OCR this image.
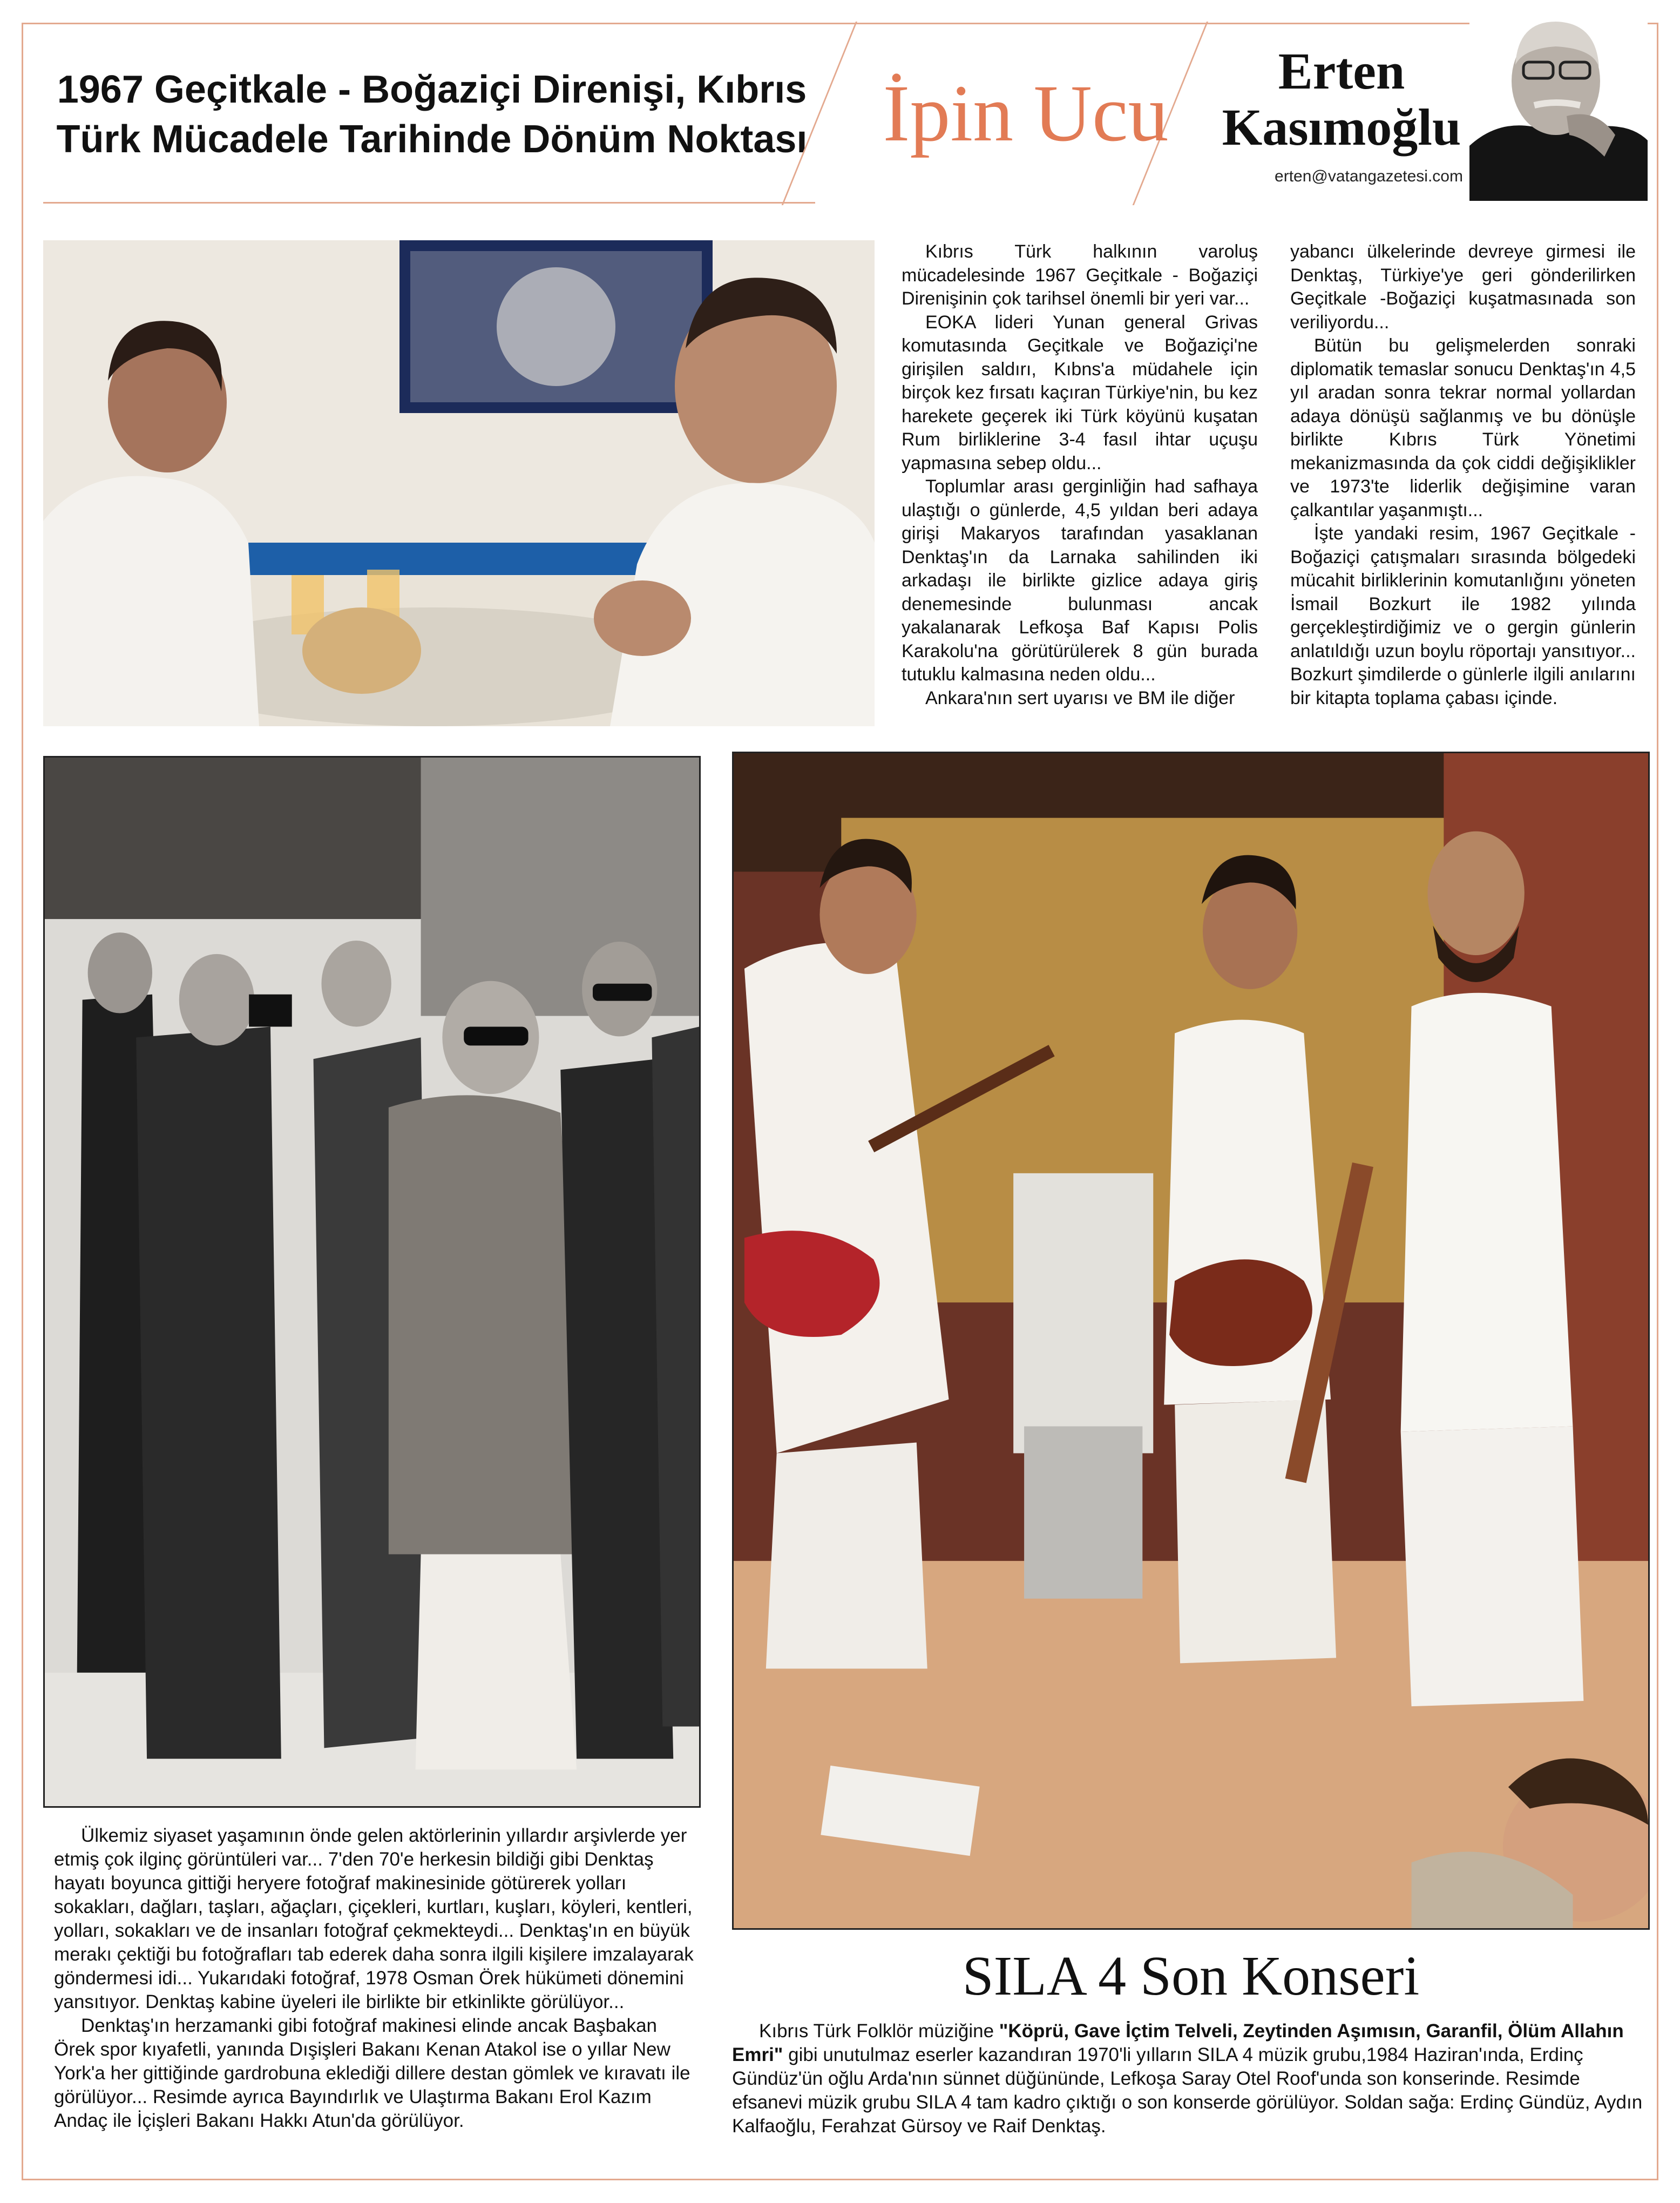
1967 Geçitkale - Boğaziçi Direnişi, Kıbrıs
Türk Mücadele Tarihinde Dönüm Noktası İpin Ucu	Erten
Kasımoğlu
erten@vatangazetesi.com

Kıbrıs Türk halkının varoluş mücadelesinde 1967 Geçitkale - Boğaziçi Direnişinin çok tarihsel önemli bir yeri var...

EOKA lideri Yunan general Grivas komutasında Geçitkale ve Boğaziçi'ne girişilen saldırı, Kıbns'a müdahele için birçok kez fırsatı kaçıran Türkiye'nin, bu kez harekete geçerek iki Türk köyünü kuşatan Rum birliklerine 3-4 fasıl ihtar uçuşu yapmasına sebep oldu...

Toplumlar arası gerginliğin had safhaya ulaştığı o günlerde, 4,5 yıldan beri adaya girişi Makaryos tarafından yasaklanan Denktaş'ın da Larnaka sahilinden iki arkadaşı ile birlikte gizlice adaya giriş denemesinde bulunması ancak yakalanarak Lefkoşa Baf Kapısı Polis Karakolu'na görütürülerek 8 gün burada tutuklu kalmasına neden oldu...

Ankara'nın sert uyarısı ve BM ile diğer

yabancı ülkelerinde devreye girmesi ile Denktaş, Türkiye'ye geri gönderilirken Geçitkale -Boğaziçi kuşatmasınada son veriliyordu...

Bütün bu gelişmelerden sonraki diplomatik temaslar sonucu Denktaş'ın 4,5 yıl aradan sonra tekrar normal yollardan adaya dönüşü sağlanmış ve bu dönüşle birlikte Kıbrıs Türk Yönetimi mekanizmasında da çok ciddi değişiklikler ve 1973'te liderlik değişimine varan çalkantılar yaşanmıştı...

İşte yandaki resim, 1967 Geçitkale - Boğaziçi çatışmaları sırasında bölgedeki mücahit birliklerinin komutanlığını yöneten İsmail Bozkurt ile 1982 yılında gerçekleştirdiğimiz ve o gergin günlerin anlatıldığı uzun boylu röportajı yansıtıyor... Bozkurt şimdilerde o günlerle ilgili anılarını bir kitapta toplama çabası içinde.

Ülkemiz siyaset yaşamının önde gelen aktörlerinin yıllardır arşivlerde yer etmiş çok ilginç görüntüleri var... 7'den 70'e herkesin bildiği gibi Denktaş hayatı boyunca gittiği heryere fotoğraf makinesinide götürerek yolları sokakları, dağları, taşları, ağaçları, çiçekleri, kurtları, kuşları, köyleri, kentleri, yolları, sokakları ve de insanları fotoğraf çekmekteydi... Denktaş'ın en büyük merakı çektiği bu fotoğrafları tab ederek daha sonra ilgili kişilere imzalayarak göndermesi idi... Yukarıdaki fotoğraf, 1978 Osman Örek hükümeti dönemini yansıtıyor. Denktaş kabine üyeleri ile birlikte bir etkinlikte görülüyor...

Denktaş'ın herzamanki gibi fotoğraf makinesi elinde ancak Başbakan Örek spor kıyafetli, yanında Dışişleri Bakanı Kenan Atakol ise o yıllar New York'a her gittiğinde gardrobuna eklediği dillere destan gömlek ve kıravatı ile görülüyor... Resimde ayrıca Bayındırlık ve Ulaştırma Bakanı Erol Kazım Andaç ile İçişleri Bakanı Hakkı Atun'da görülüyor.

SILA 4 Son Konseri
Kıbrıs Türk Folklör müziğine "Köprü, Gave İçtim Telveli, Zeytinden Aşımısın, Garanfil, Ölüm Allahın Emri" gibi unutulmaz eserler kazandıran 1970'li yılların SILA 4 müzik grubu,1984 Haziran'ında, Erdinç Gündüz'ün oğlu Arda'nın sünnet düğününde, Lefkoşa Saray Otel Roof'unda son konserinde. Resimde efsanevi müzik grubu SILA 4 tam kadro çıktığı o son konserde görülüyor. Soldan sağa: Erdinç Gündüz, Aydın Kalfaoğlu, Ferahzat Gürsoy ve Raif Denktaş.
